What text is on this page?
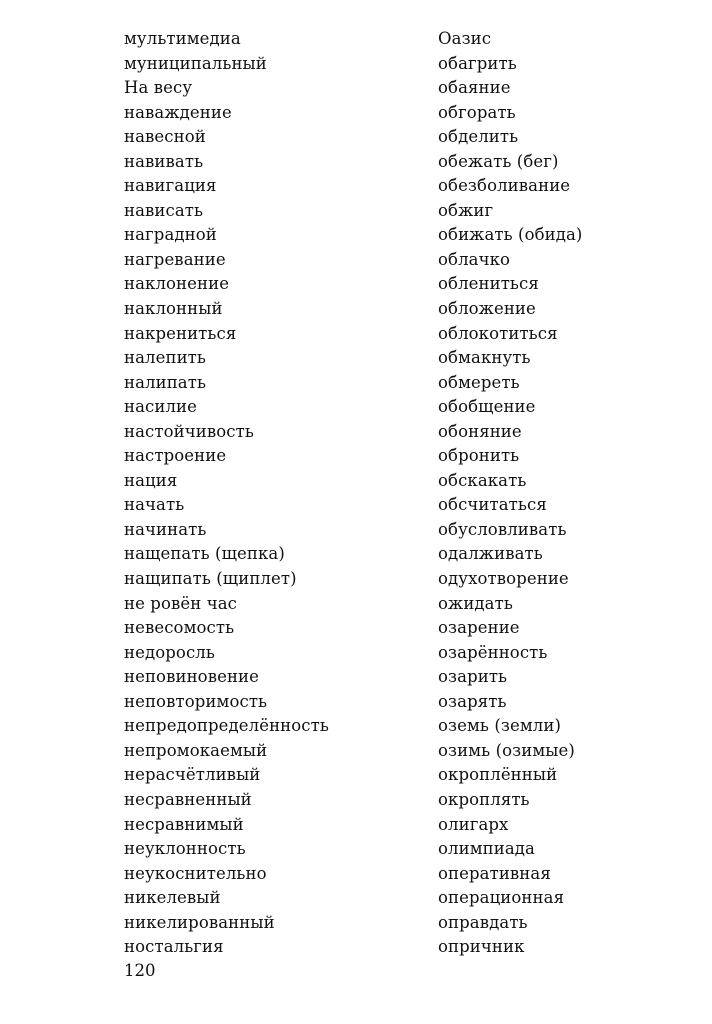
мультимедиа
муниципальный
На весу
наваждение
навесной
навивать
навигация
нависать
наградной
нагревание
наклонение
наклонный
накрениться
налепить
налипать
насилие
настойчивость
настроение
нация
начать
начинать
нащепать (щепка)
нащипать (щиплет)
не ровён час
невесомость
недоросль
неповиновение
неповторимость
непредопределённость
непромокаемый
нерасчётливый
несравненный
несравнимый
неуклонность
неукоснительно
никелевый
никелированный
ностальгия
Оазис
обагрить
обаяние
обгорать
обделить
обежать (бег)
обезболивание
обжиг
обижать (обида)
облачко
облениться
обложение
облокотиться
обмакнуть
обмереть
обобщение
обоняние
обронить
обскакать
обсчитаться
обусловливать
одалживать
одухотворение
ожидать
озарение
озарённость
озарить
озарять
оземь (земли)
озимь (озимые)
окроплённый
окроплять
олигарх
олимпиада
оперативная
операционная
оправдать
опричник
120
